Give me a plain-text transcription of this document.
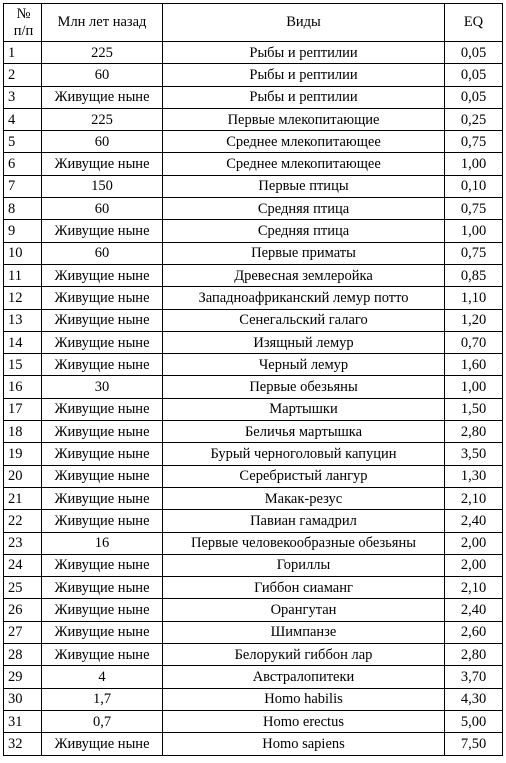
№
п/п	Млн лет назад	Виды	EQ
1	225	Рыбы и рептилии	0,05
2	60	Рыбы и рептилии	0,05
3	Живущие ныне	Рыбы и рептилии	0,05
4	225	Первые млекопитающие	0,25
5	60	Среднее млекопитающее	0,75
6	Живущие ныне	Среднее млекопитающее	1,00
7	150	Первые птицы	0,10
8	60	Средняя птица	0,75
9	Живущие ныне	Средняя птица	1,00
10	60	Первые приматы	0,75
11	Живущие ныне	Древесная землеройка	0,85
12	Живущие ныне	Западноафриканский лемур потто	1,10
13	Живущие ныне	Сенегальский галаго	1,20
14	Живущие ныне	Изящный лемур	0,70
15	Живущие ныне	Черный лемур	1,60
16	30	Первые обезьяны	1,00
17	Живущие ныне	Мартышки	1,50
18	Живущие ныне	Беличья мартышка	2,80
19	Живущие ныне	Бурый черноголовый капуцин	3,50
20	Живущие ныне	Серебристый лангур	1,30
21	Живущие ныне	Макак-резус	2,10
22	Живущие ныне	Павиан гамадрил	2,40
23	16	Первые человекообразные обезьяны	2,00
24	Живущие ныне	Гориллы	2,00
25	Живущие ныне	Гиббон сиаманг	2,10
26	Живущие ныне	Орангутан	2,40
27	Живущие ныне	Шимпанзе	2,60
28	Живущие ныне	Белорукий гиббон лар	2,80
29	4	Австралопитеки	3,70
30	1,7	Homo habilis	4,30
31	0,7	Homo erectus	5,00
32	Живущие ныне	Homo sapiens	7,50
